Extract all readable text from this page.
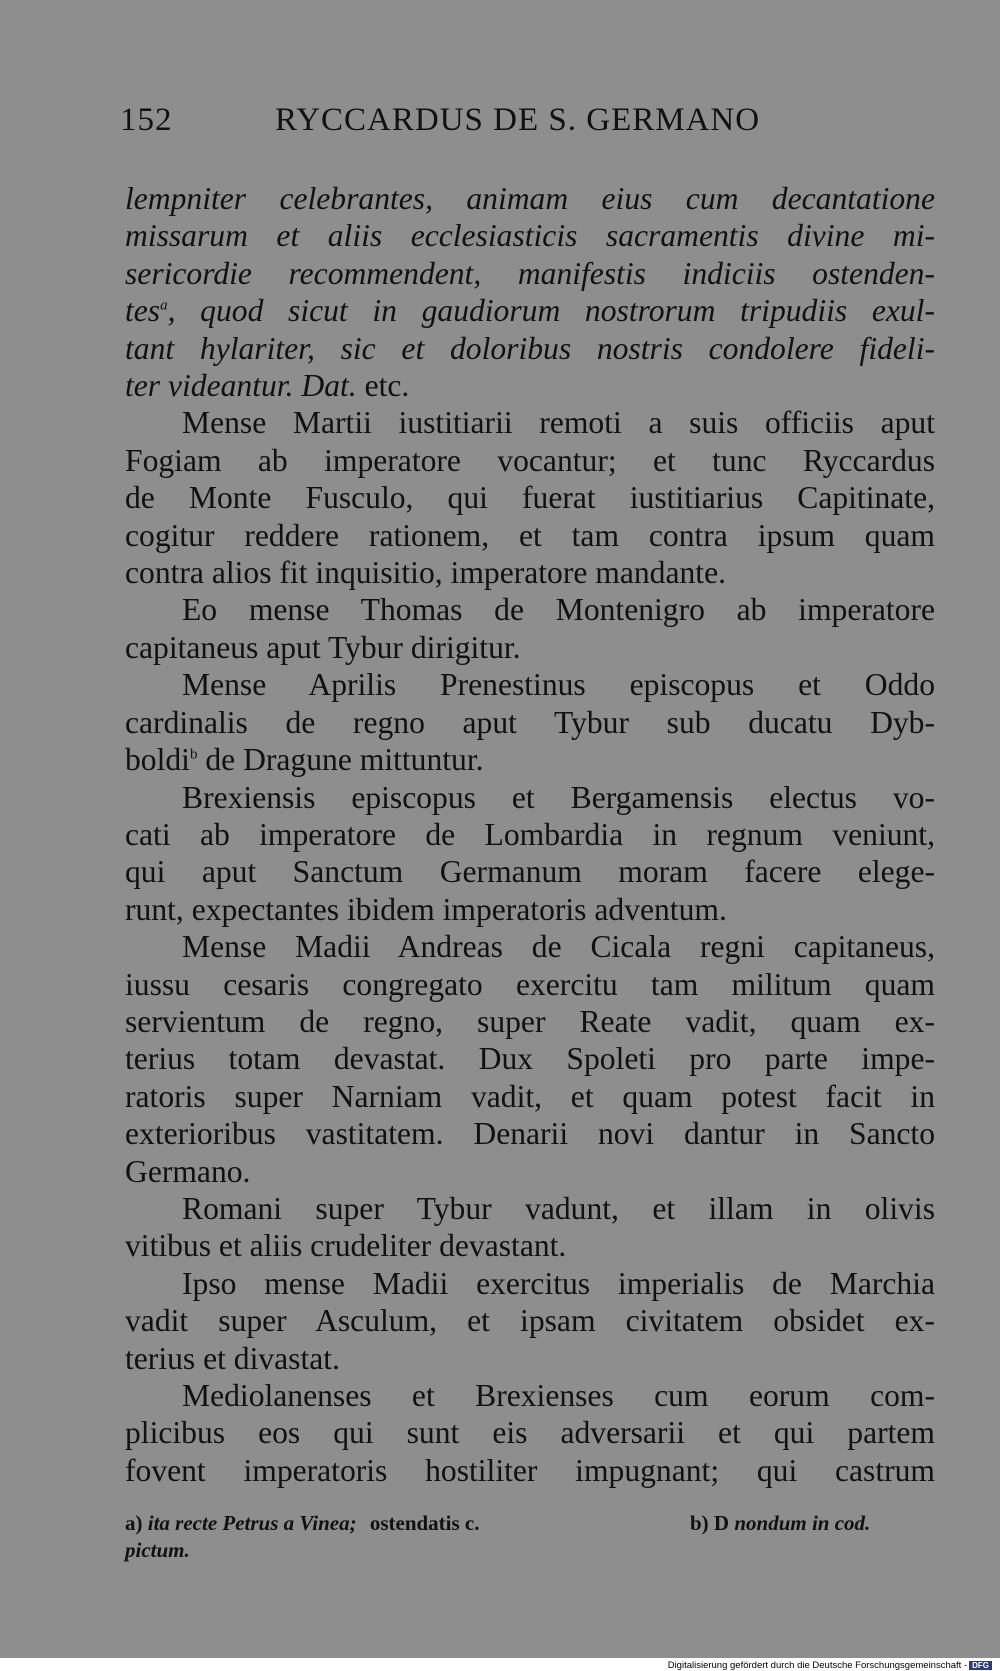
152	RYCCARDUS DE S. GERMANO

lempniter celebrantes, animam eius cum decantatione
missarum et aliis ecclesiasticis sacramentis divine mi-
sericordie recommendent, manifestis indiciis ostenden-
tes$^a$, quod sicut in gaudiorum nostrorum tripudiis exul-
tant hylariter, sic et doloribus nostris condolere fideli-
ter videantur. Dat. etc.

Mense Martii iustitiarii remoti a suis officiis aput
Fogiam ab imperatore vocantur; et tunc Ryccardus
de Monte Fusculo, qui fuerat iustitiarius Capitinate,
cogitur reddere rationem, et tam contra ipsum quam
contra alios fit inquisitio, imperatore mandante.

Eo mense Thomas de Montenigro ab imperatore
capitaneus aput Tybur dirigitur.

Mense Aprilis Prenestinus episcopus et Oddo
cardinalis de regno aput Tybur sub ducatu Dyb-
boldi$^b$ de Dragune mittuntur.

Brexiensis episcopus et Bergamensis electus vo-
cati ab imperatore de Lombardia in regnum veniunt,
qui aput Sanctum Germanum moram facere elege-
runt, expectantes ibidem imperatoris adventum.

Mense Madii Andreas de Cicala regni capitaneus,
iussu cesaris congregato exercitu tam militum quam
servientum de regno, super Reate vadit, quam ex-
terius totam devastat. Dux Spoleti pro parte impe-
ratoris super Narniam vadit, et quam potest facit in
exterioribus vastitatem. Denarii novi dantur in Sancto
Germano.

Romani super Tybur vadunt, et illam in olivis
vitibus et aliis crudeliter devastant.

Ipso mense Madii exercitus imperialis de Marchia
vadit super Asculum, et ipsam civitatem obsidet ex-
terius et divastat.

Mediolanenses et Brexienses cum eorum com-
plicibus eos qui sunt eis adversarii et qui partem
fovent imperatoris hostiliter impugnant; qui castrum

a) ita recte Petrus a Vinea; ostendatis c.
pictum.
b) D nondum in cod.
Digitalisierung gefördert durch die Deutsche Forschungsgemeinschaft - DFG
